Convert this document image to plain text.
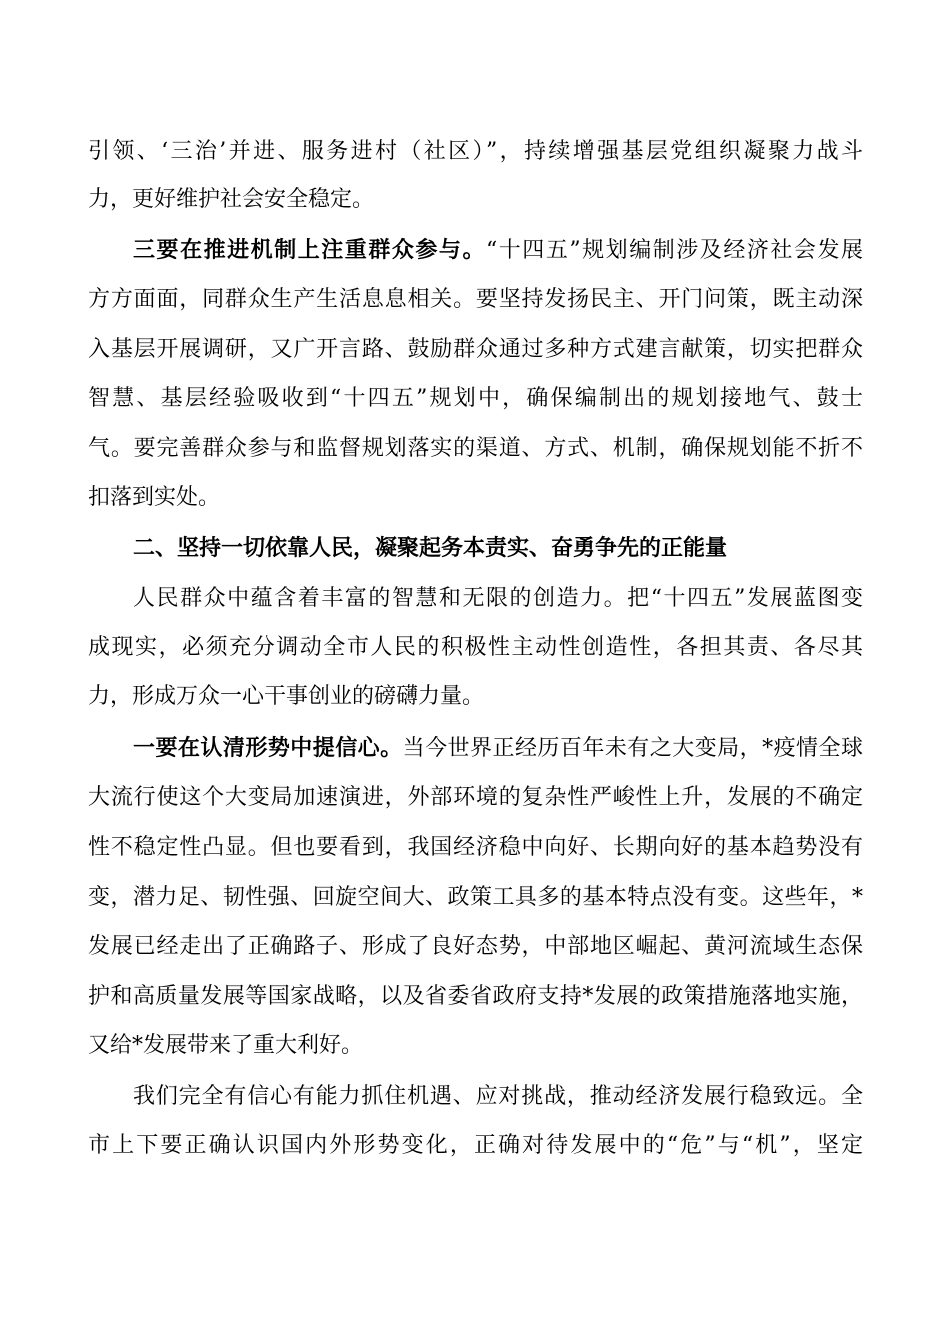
引领、‘三治’并进、服务进村（社区）”，持续增强基层党组织凝聚力战斗
力，更好维护社会安全稳定。
三要在推进机制上注重群众参与。“十四五”规划编制涉及经济社会发展
方方面面，同群众生产生活息息相关。要坚持发扬民主、开门问策，既主动深
入基层开展调研，又广开言路、鼓励群众通过多种方式建言献策，切实把群众
智慧、基层经验吸收到“十四五”规划中，确保编制出的规划接地气、鼓士
气。要完善群众参与和监督规划落实的渠道、方式、机制，确保规划能不折不
扣落到实处。
二、坚持一切依靠人民，凝聚起务本责实、奋勇争先的正能量
人民群众中蕴含着丰富的智慧和无限的创造力。把“十四五”发展蓝图变
成现实，必须充分调动全市人民的积极性主动性创造性，各担其责、各尽其
力，形成万众一心干事创业的磅礴力量。
一要在认清形势中提信心。当今世界正经历百年未有之大变局，*疫情全球
大流行使这个大变局加速演进，外部环境的复杂性严峻性上升，发展的不确定
性不稳定性凸显。但也要看到，我国经济稳中向好、长期向好的基本趋势没有
变，潜力足、韧性强、回旋空间大、政策工具多的基本特点没有变。这些年，*
发展已经走出了正确路子、形成了良好态势，中部地区崛起、黄河流域生态保
护和高质量发展等国家战略，以及省委省政府支持*发展的政策措施落地实施，
又给*发展带来了重大利好。
我们完全有信心有能力抓住机遇、应对挑战，推动经济发展行稳致远。全
市上下要正确认识国内外形势变化，正确对待发展中的“危”与“机”，坚定
